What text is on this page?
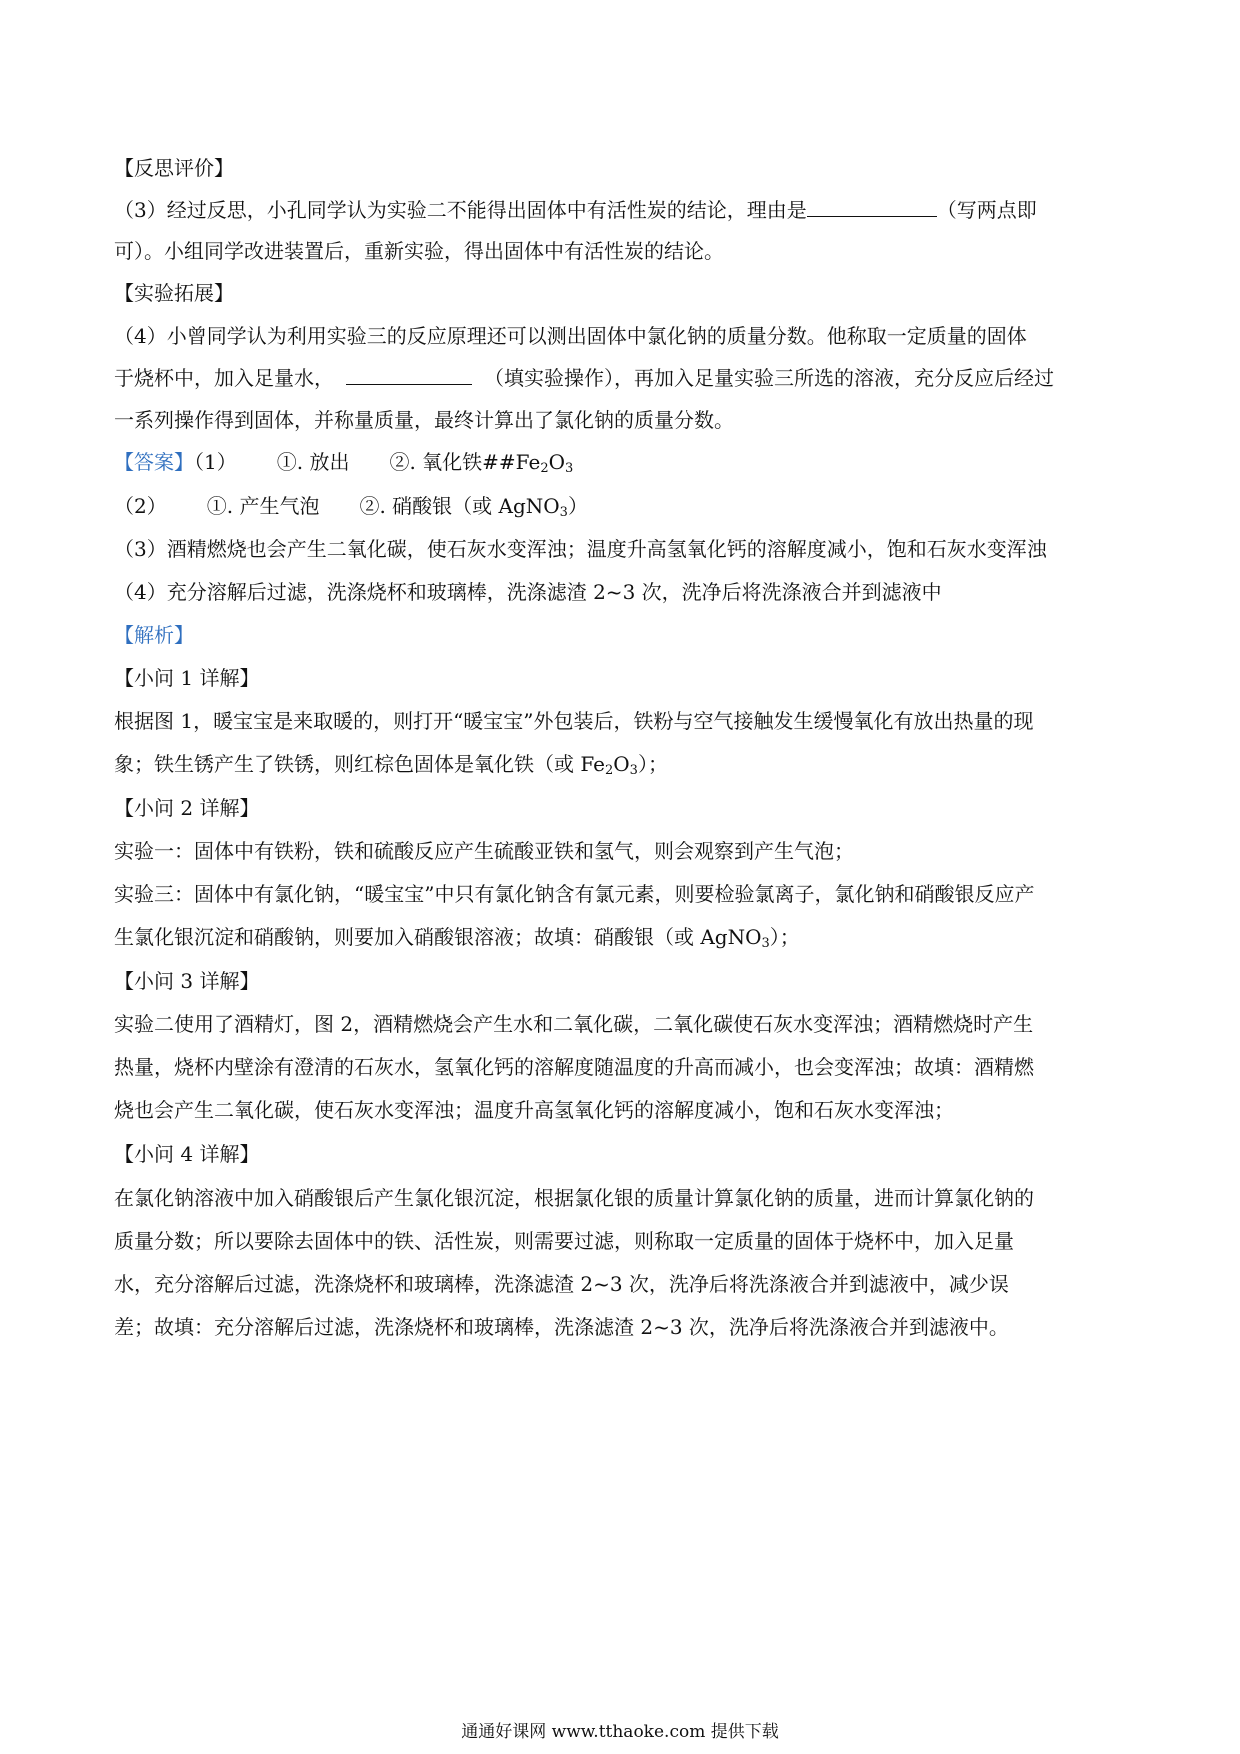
【反思评价】
（3）经过反思，小孔同学认为实验二不能得出固体中有活性炭的结论，理由是	（写两点即
可）。小组同学改进装置后，重新实验，得出固体中有活性炭的结论。
【实验拓展】
（4）小曾同学认为利用实验三的反应原理还可以测出固体中氯化钠的质量分数。他称取一定质量的固体
于烧杯中，加入足量水，	（填实验操作），再加入足量实验三所选的溶液，充分反应后经过
一系列操作得到固体，并称量质量，最终计算出了氯化钠的质量分数。
【答案】（1） ①. 放出 ②. 氧化铁$\#\#Fe_2O_3$
（2） ①. 产生气泡 ②. 硝酸银（或 AgNO$_3$）
（3）酒精燃烧也会产生二氧化碳，使石灰水变浑浊；温度升高氢氧化钙的溶解度减小，饱和石灰水变浑浊
（4）充分溶解后过滤，洗涤烧杯和玻璃棒，洗涤滤渣 2~3 次，洗净后将洗涤液合并到滤液中
【解析】
【小问 1 详解】
根据图 1，暖宝宝是来取暖的，则打开“暖宝宝”外包装后，铁粉与空气接触发生缓慢氧化有放出热量的现
象；铁生锈产生了铁锈，则红棕色固体是氧化铁（或 $Fe_2O_3$）；
【小问 2 详解】
实验一：固体中有铁粉，铁和硫酸反应产生硫酸亚铁和氢气，则会观察到产生气泡；
实验三：固体中有氯化钠，“暖宝宝”中只有氯化钠含有氯元素，则要检验氯离子，氯化钠和硝酸银反应产
生氯化银沉淀和硝酸钠，则要加入硝酸银溶液；故填：硝酸银（或 AgNO$_3$）；
【小问 3 详解】
实验二使用了酒精灯，图 2，酒精燃烧会产生水和二氧化碳，二氧化碳使石灰水变浑浊；酒精燃烧时产生
热量，烧杯内壁涂有澄清的石灰水，氢氧化钙的溶解度随温度的升高而减小，也会变浑浊；故填：酒精燃
烧也会产生二氧化碳，使石灰水变浑浊；温度升高氢氧化钙的溶解度减小，饱和石灰水变浑浊；
【小问 4 详解】
在氯化钠溶液中加入硝酸银后产生氯化银沉淀，根据氯化银的质量计算氯化钠的质量，进而计算氯化钠的
质量分数；所以要除去固体中的铁、活性炭，则需要过滤，则称取一定质量的固体于烧杯中，加入足量
水，充分溶解后过滤，洗涤烧杯和玻璃棒，洗涤滤渣 2~3 次，洗净后将洗涤液合并到滤液中，减少误
差；故填：充分溶解后过滤，洗涤烧杯和玻璃棒，洗涤滤渣 2~3 次，洗净后将洗涤液合并到滤液中。
通通好课网 www.tthaoke.com 提供下载
